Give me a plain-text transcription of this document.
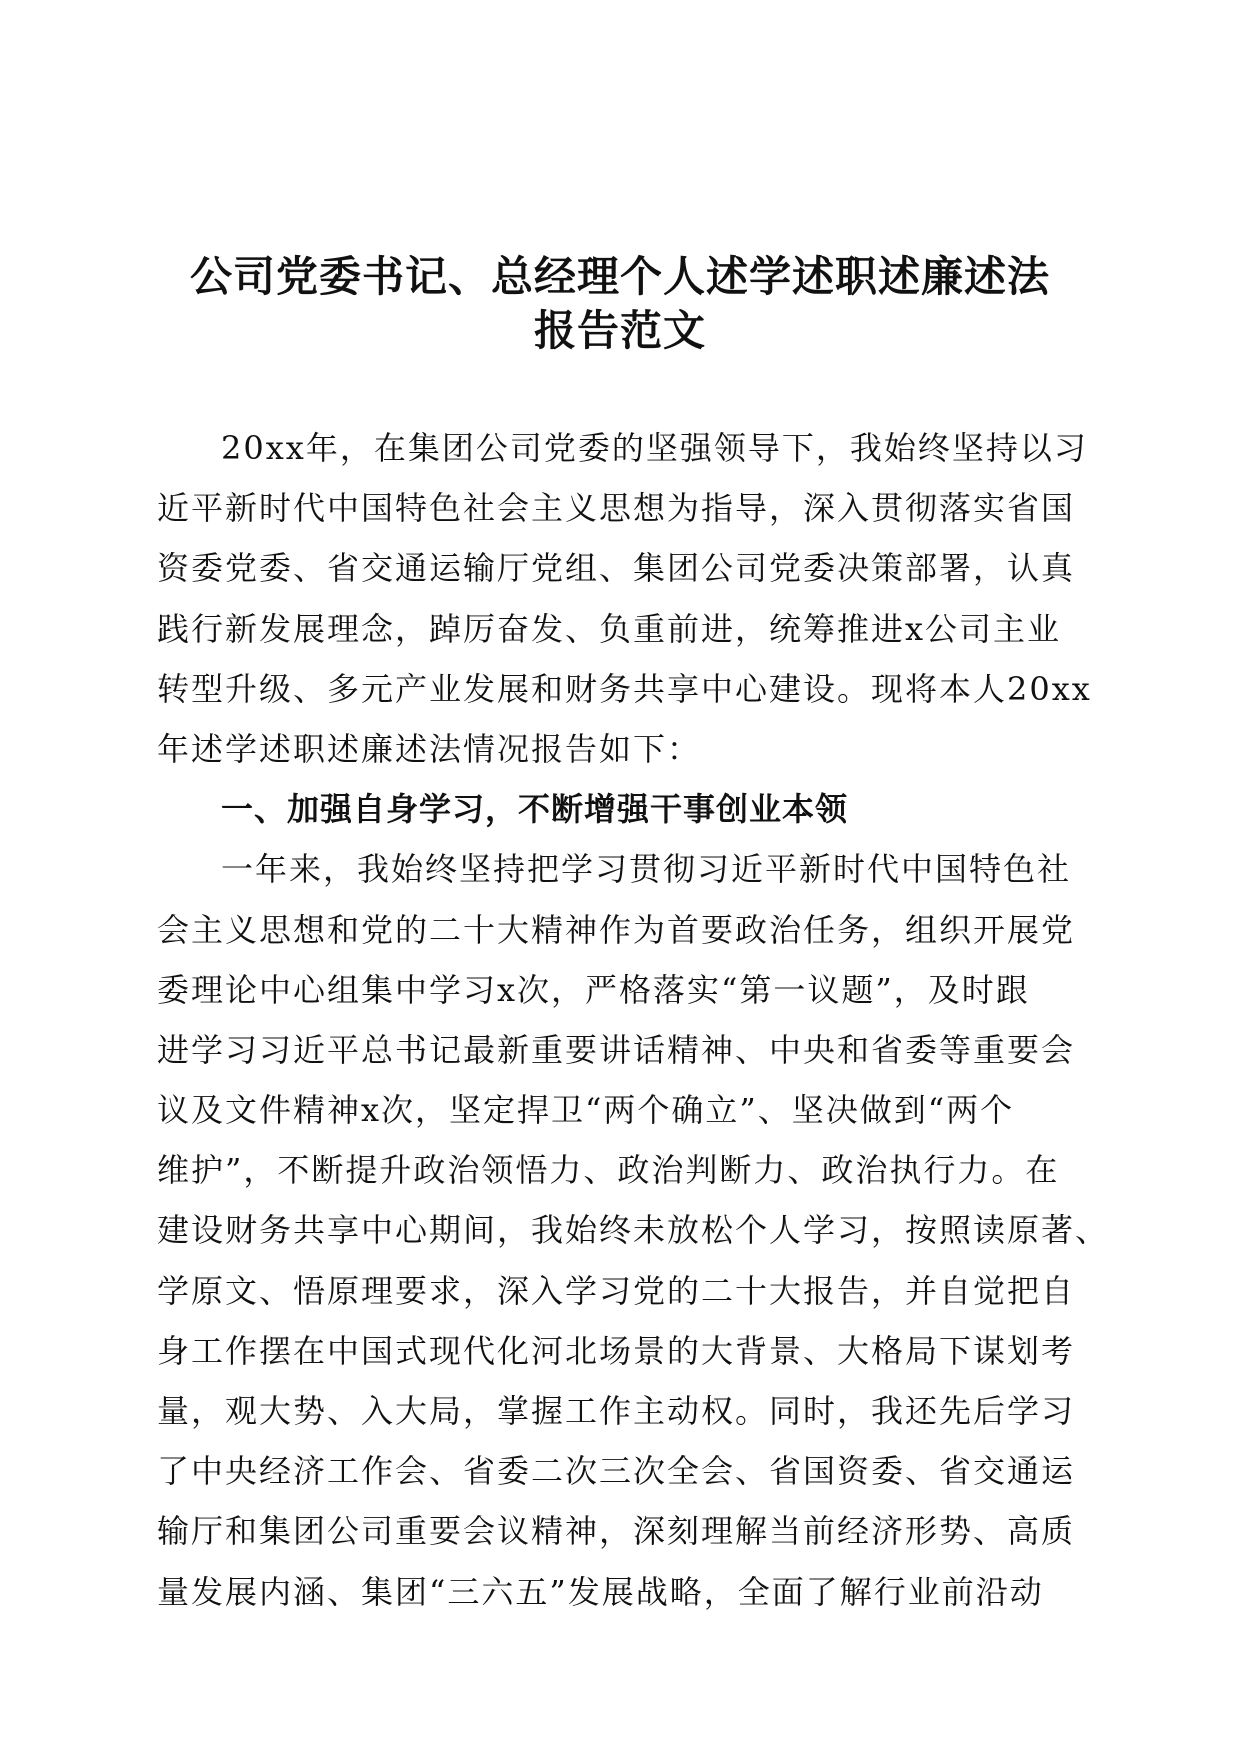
公司党委书记、总经理个人述学述职述廉述法
报告范文
20xx年，在集团公司党委的坚强领导下，我始终坚持以习
近平新时代中国特色社会主义思想为指导，深入贯彻落实省国
资委党委、省交通运输厅党组、集团公司党委决策部署，认真
践行新发展理念，踔厉奋发、负重前进，统筹推进x公司主业
转型升级、多元产业发展和财务共享中心建设。现将本人20xx
年述学述职述廉述法情况报告如下：
一、加强自身学习，不断增强干事创业本领
一年来，我始终坚持把学习贯彻习近平新时代中国特色社
会主义思想和党的二十大精神作为首要政治任务，组织开展党
委理论中心组集中学习x次，严格落实“第一议题”，及时跟
进学习习近平总书记最新重要讲话精神、中央和省委等重要会
议及文件精神x次，坚定捍卫“两个确立”、坚决做到“两个
维护”，不断提升政治领悟力、政治判断力、政治执行力。在
建设财务共享中心期间，我始终未放松个人学习，按照读原著、
学原文、悟原理要求，深入学习党的二十大报告，并自觉把自
身工作摆在中国式现代化河北场景的大背景、大格局下谋划考
量，观大势、入大局，掌握工作主动权。同时，我还先后学习
了中央经济工作会、省委二次三次全会、省国资委、省交通运
输厅和集团公司重要会议精神，深刻理解当前经济形势、高质
量发展内涵、集团“三六五”发展战略，全面了解行业前沿动
